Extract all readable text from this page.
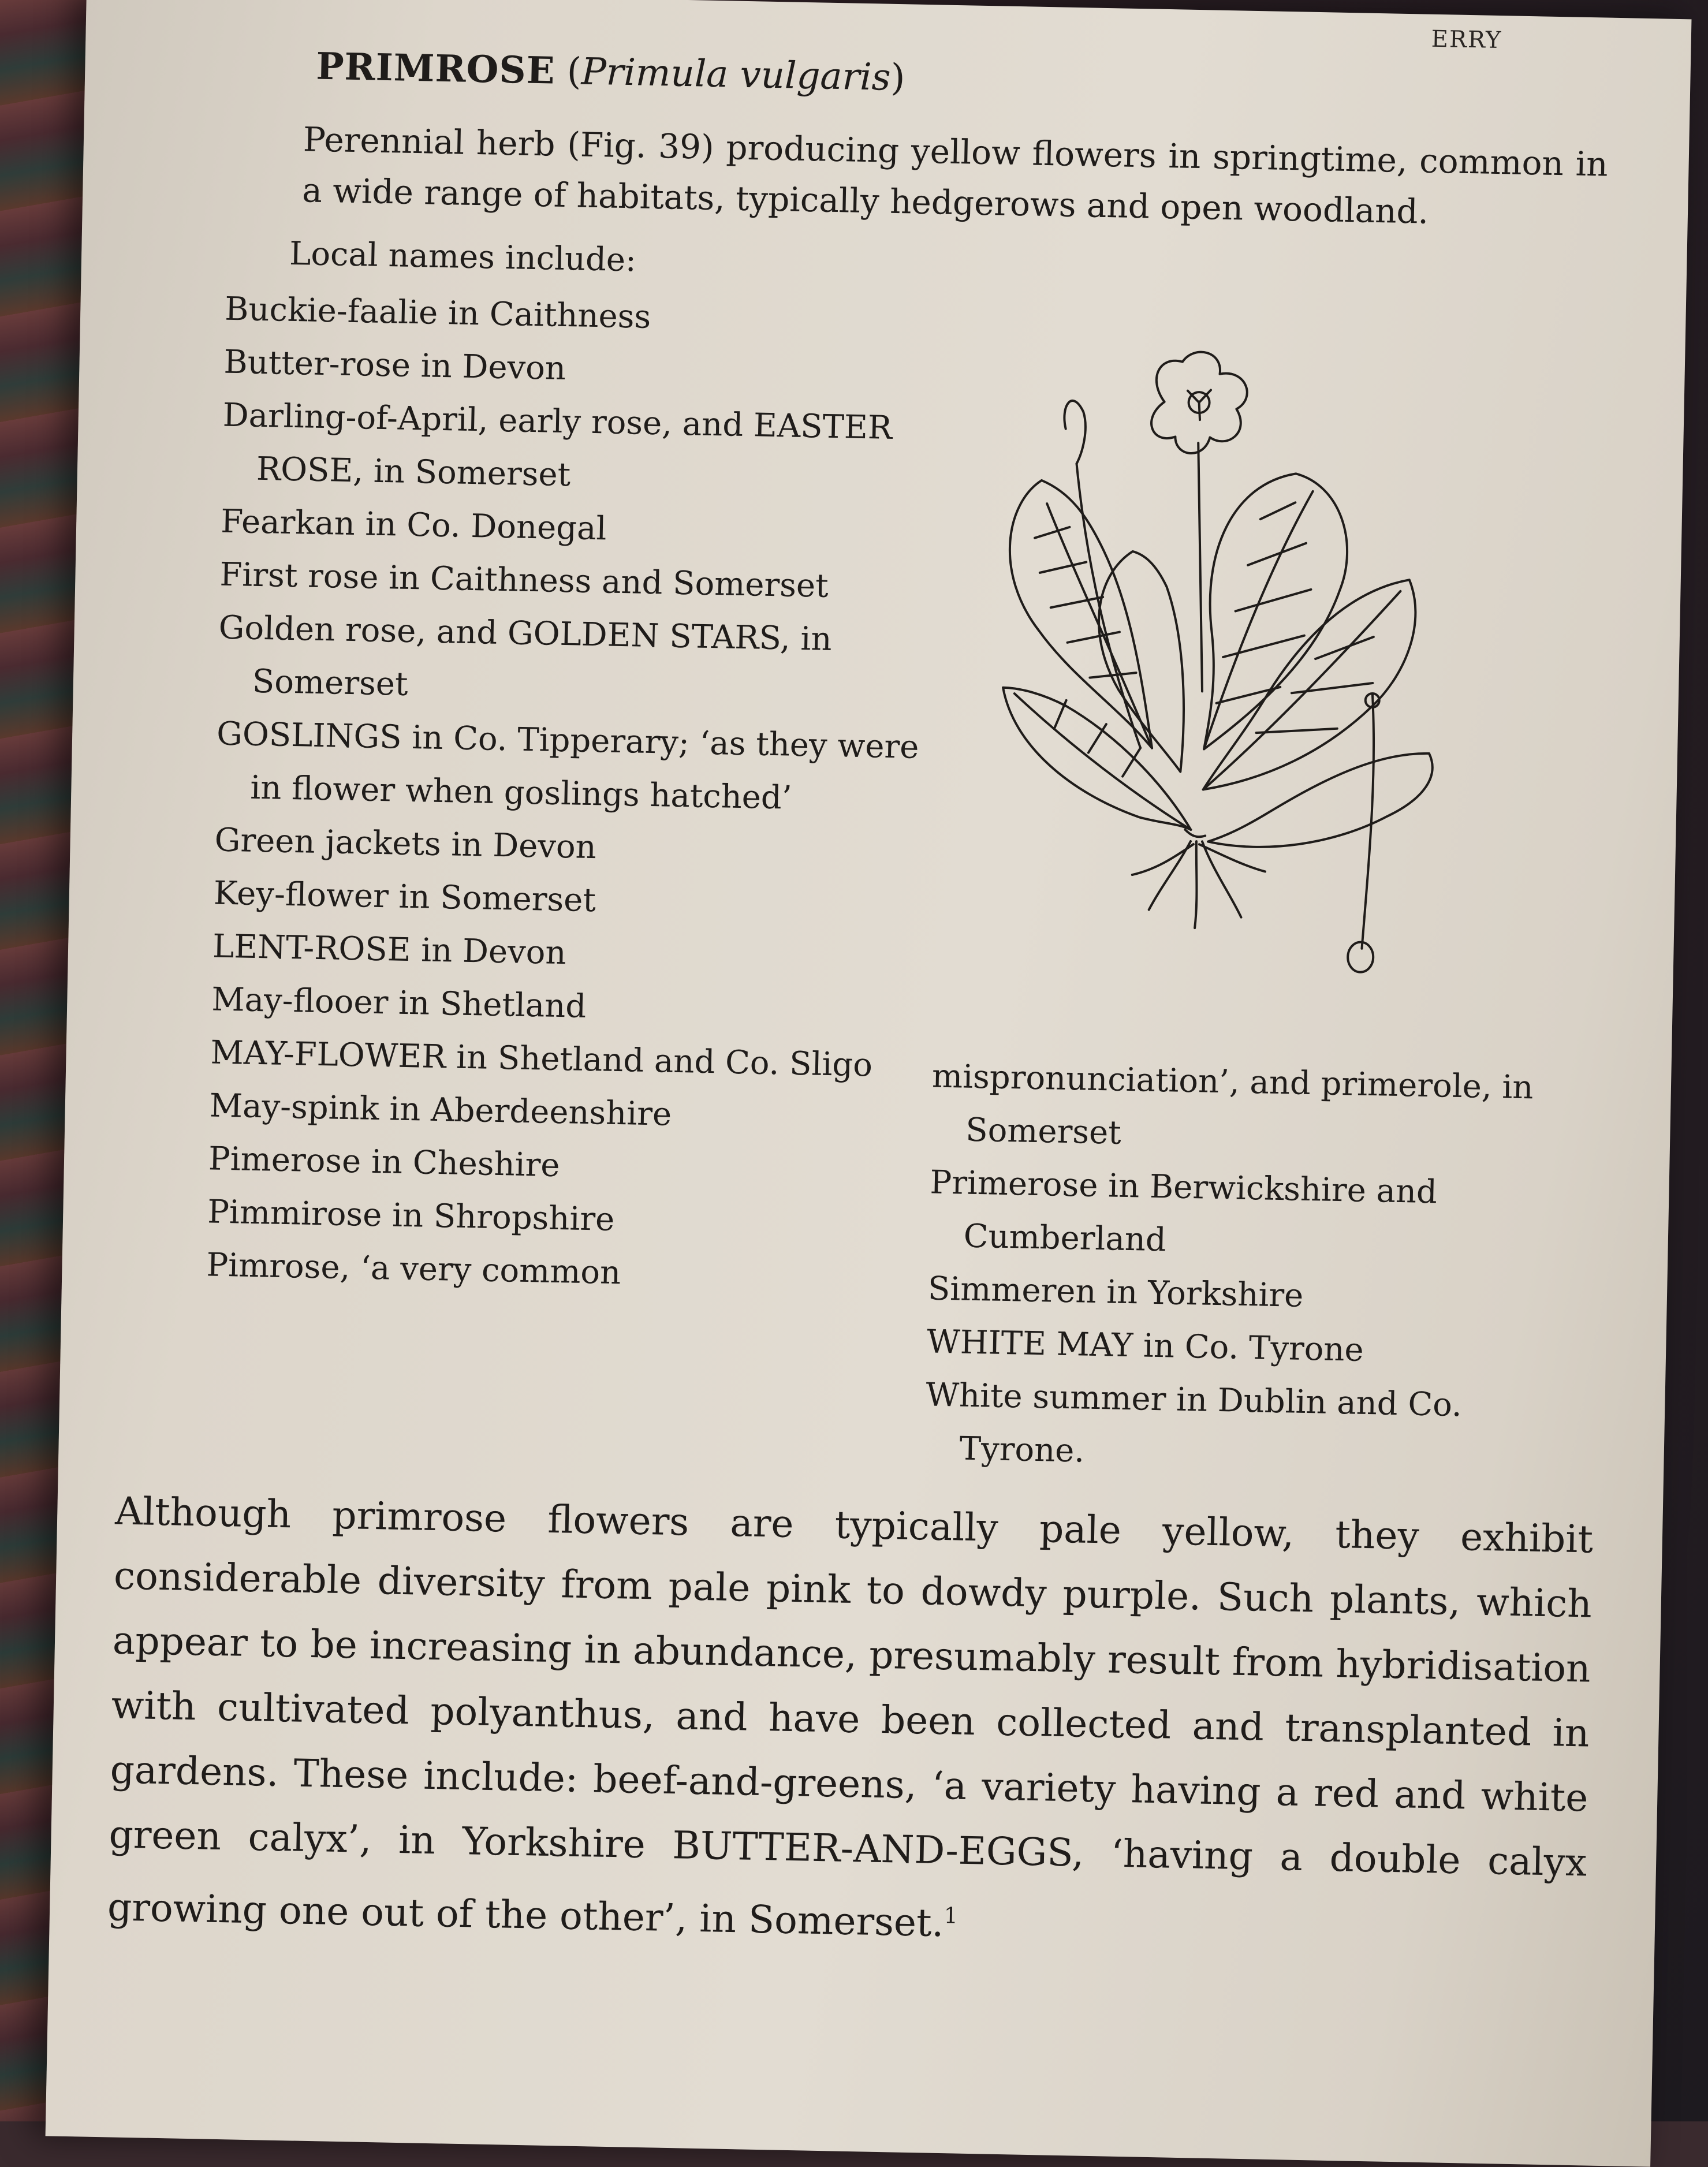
ERRY
PRIMROSE (Primula vulgaris)
Perennial herb (Fig. 39) producing yellow flowers in springtime, common in a wide range of habitats, typically hedgerows and open woodland.
Local names include:
Buckie-faalie in Caithness
Butter-rose in Devon
Darling-of-April, early rose, and EASTER ROSE, in Somerset
Fearkan in Co. Donegal
First rose in Caithness and Somerset
Golden rose, and GOLDEN STARS, in Somerset
GOSLINGS in Co. Tipperary; ‘as they were in flower when goslings hatched’
Green jackets in Devon
Key-flower in Somerset
LENT-ROSE in Devon
May-flooer in Shetland
MAY-FLOWER in Shetland and Co. Sligo
May-spink in Aberdeenshire
Pimerose in Cheshire
Pimmirose in Shropshire
Pimrose, ‘a very common
mispronunciation’, and primerole, in Somerset
Primerose in Berwickshire and Cumberland
Simmeren in Yorkshire
WHITE MAY in Co. Tyrone
White summer in Dublin and Co. Tyrone.
Although primrose flowers are typically pale yellow, they exhibit considerable diversity from pale pink to dowdy purple. Such plants, which appear to be increasing in abundance, presumably result from hybridisation with cultivated polyanthus, and have been collected and transplanted in gardens. These include: beef-and-greens, ‘a variety having a red and white green calyx’, in Yorkshire BUTTER-AND-EGGS, ‘having a double calyx growing one out of the other’, in Somerset.$^1$
